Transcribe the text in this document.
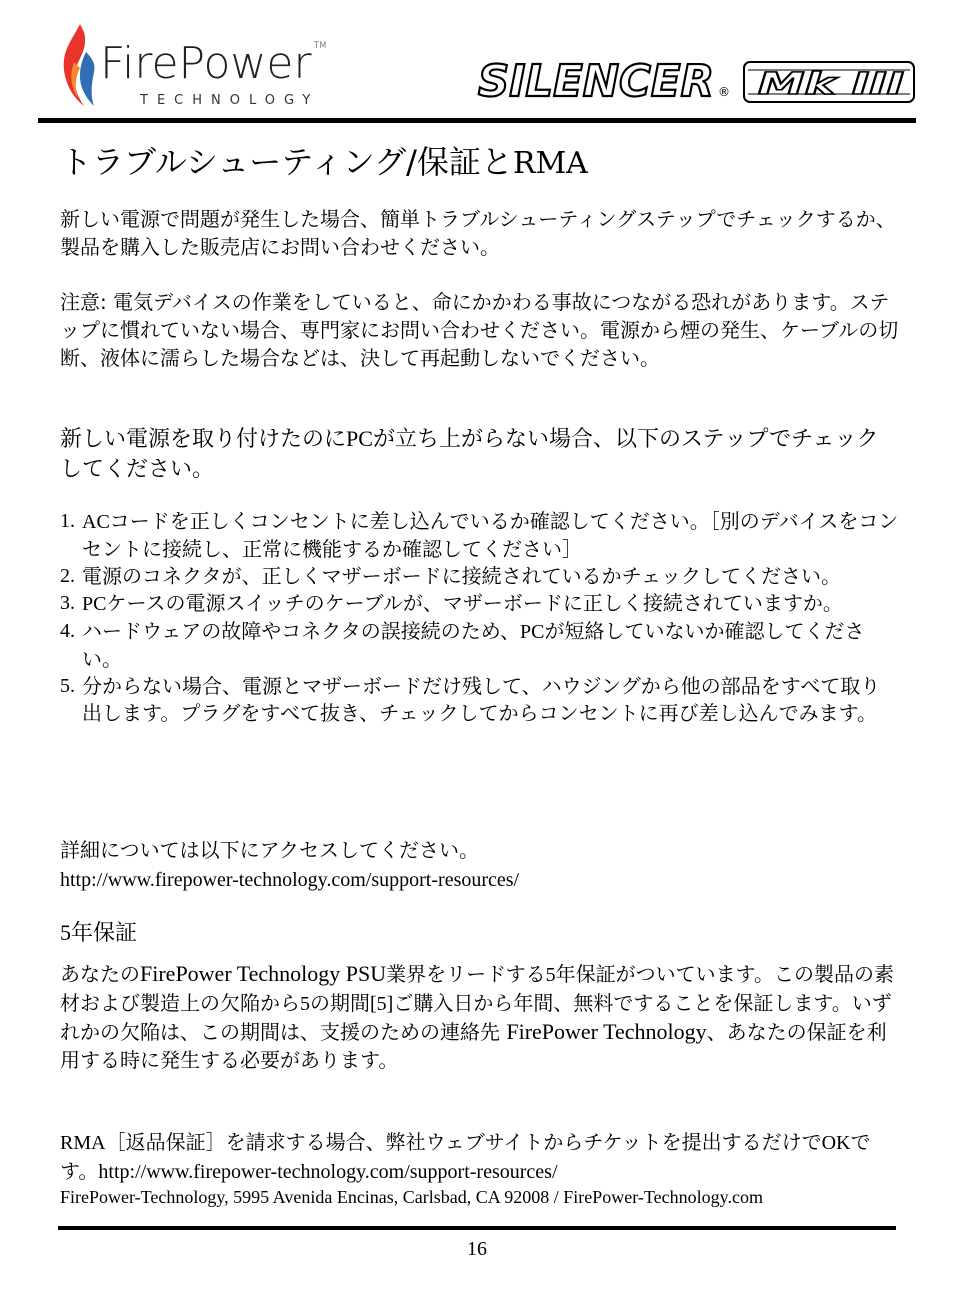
FirePower ™
TECHNOLOGY	SILENCER ® Mk III
トラブルシューティング/保証とRMA

新しい電源で問題が発生した場合、簡単トラブルシューティングステップでチェックするか、製品を購入した販売店にお問い合わせください。

注意: 電気デバイスの作業をしていると、命にかかわる事故につながる恐れがあります。ステップに慣れていない場合、専門家にお問い合わせください。電源から煙の発生、ケーブルの切断、液体に濡らした場合などは、決して再起動しないでください。

新しい電源を取り付けたのにPCが立ち上がらない場合、以下のステップでチェックしてください。

1. ACコードを正しくコンセントに差し込んでいるか確認してください。［別のデバイスをコンセントに接続し、正常に機能するか確認してください］
2. 電源のコネクタが、正しくマザーボードに接続されているかチェックしてください。
3. PCケースの電源スイッチのケーブルが、マザーボードに正しく接続されていますか。
4. ハードウェアの故障やコネクタの誤接続のため、PCが短絡していないか確認してください。
5. 分からない場合、電源とマザーボードだけ残して、ハウジングから他の部品をすべて取り出します。プラグをすべて抜き、チェックしてからコンセントに再び差し込んでみます。

詳細については以下にアクセスしてください。

http://www.firepower-technology.com/support-resources/
5年保証

あなたのFirePower Technology PSU業界をリードする5年保証がついています。この製品の素材および製造上の欠陥から5の期間[5]ご購入日から年間、無料ですることを保証します。いずれかの欠陥は、この期間は、支援のための連絡先 FirePower Technology、あなたの保証を利用する時に発生する必要があります。

RMA［返品保証］を請求する場合、弊社ウェブサイトからチケットを提出するだけでOKです。http://www.firepower-technology.com/support-resources/

FirePower-Technology, 5995 Avenida Encinas, Carlsbad, CA 92008 / FirePower-Technology.com
16
